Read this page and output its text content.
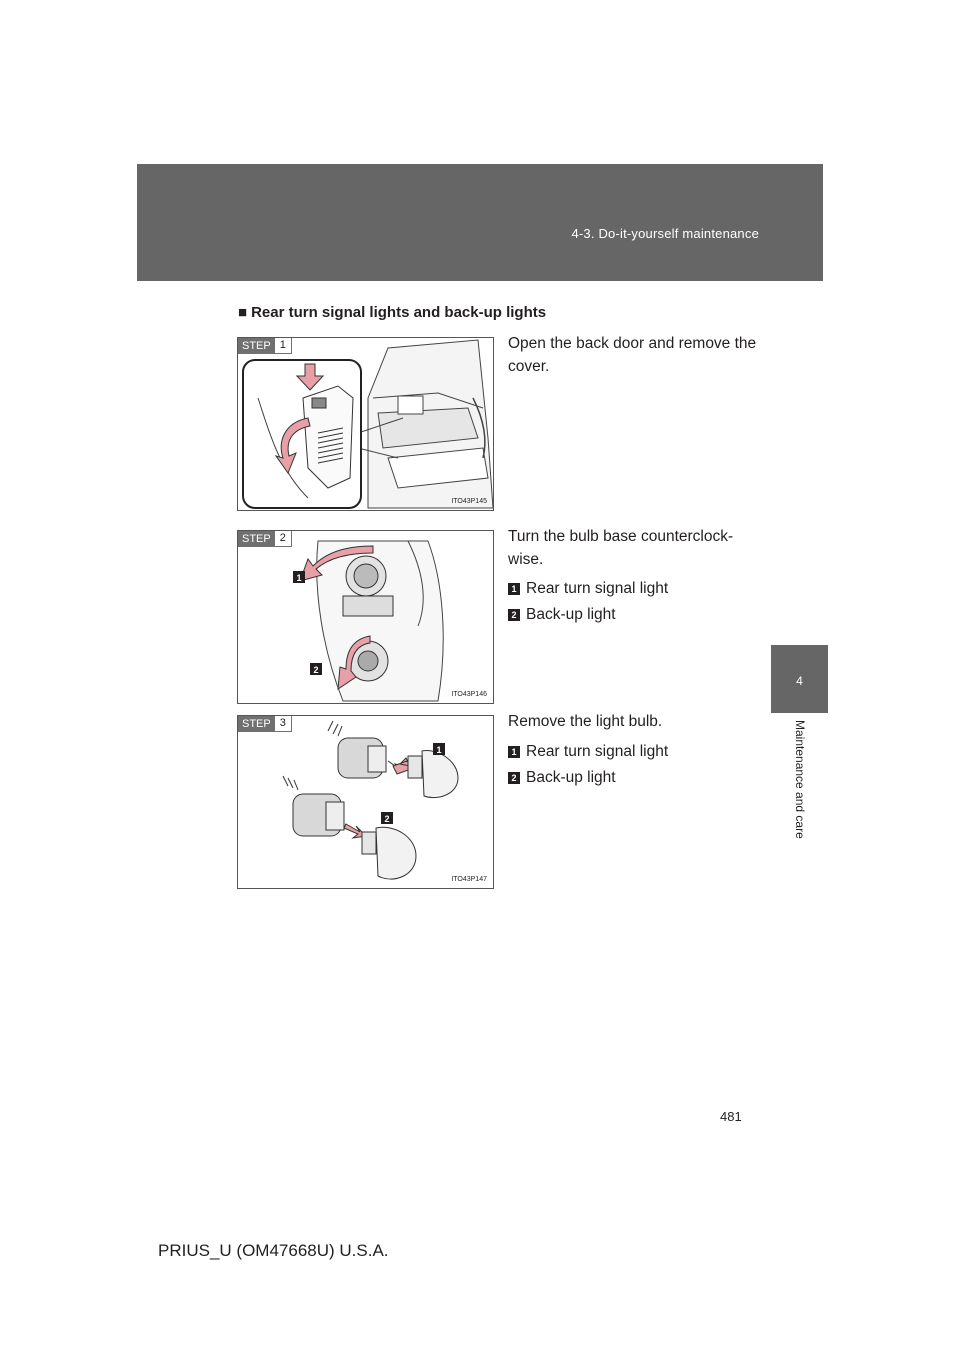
4-3. Do-it-yourself maintenance
4
Maintenance and care
■ Rear turn signal lights and back-up lights
STEP 1
ITO43P145
Open the back door and remove the cover.
STEP 2
1
2
ITO43P146
Turn the bulb base counterclock-wise.
1 Rear turn signal light
2 Back-up light
STEP 3
1
2
ITO43P147
Remove the light bulb.
1 Rear turn signal light
2 Back-up light
481
PRIUS_U (OM47668U) U.S.A.
